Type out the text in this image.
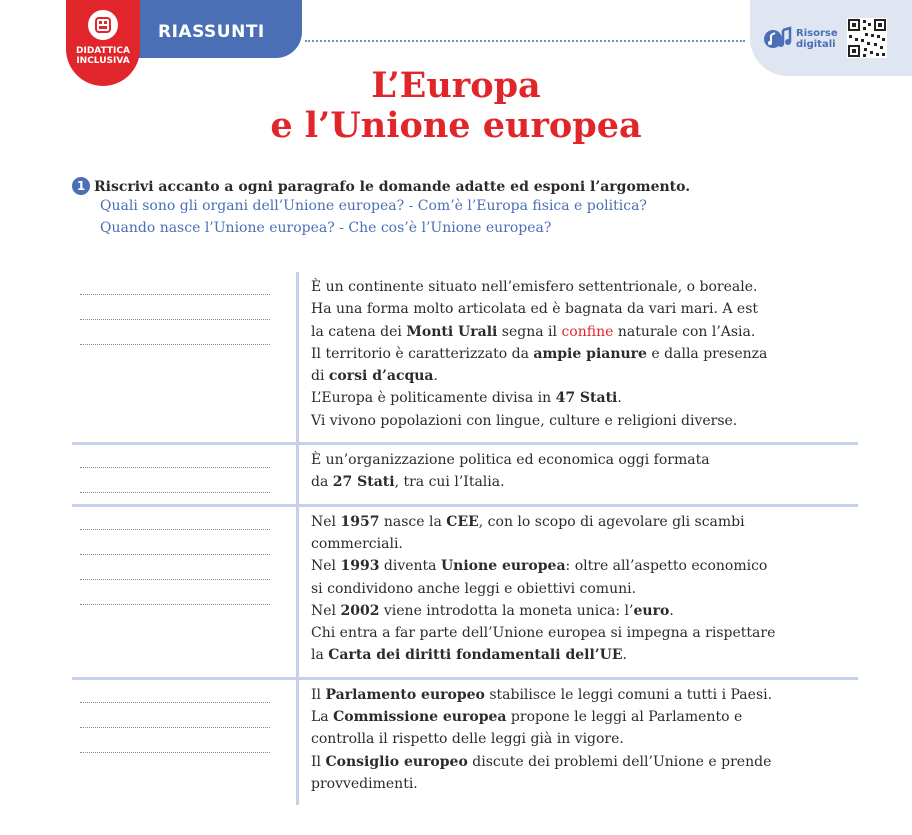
DIDATTICA
INCLUSIVA
RIASSUNTI	Risorse
digitali
L’Europa
e l’Unione europea
1 Riscrivi accanto a ogni paragrafo le domande adatte ed esponi l’argomento.
Quali sono gli organi dell’Unione europea? - Com’è l’Europa fisica e politica?
Quando nasce l’Unione europea? - Che cos’è l’Unione europea?
È un continente situato nell’emisfero settentrionale, o boreale.
Ha una forma molto articolata ed è bagnata da vari mari. A est
la catena dei Monti Urali segna il confine naturale con l’Asia.
Il territorio è caratterizzato da ampie pianure e dalla presenza
di corsi d’acqua.
L’Europa è politicamente divisa in 47 Stati.
Vi vivono popolazioni con lingue, culture e religioni diverse.
È un’organizzazione politica ed economica oggi formata
da 27 Stati, tra cui l’Italia.
Nel 1957 nasce la CEE, con lo scopo di agevolare gli scambi
commerciali.
Nel 1993 diventa Unione europea: oltre all’aspetto economico
si condividono anche leggi e obiettivi comuni.
Nel 2002 viene introdotta la moneta unica: l’euro.
Chi entra a far parte dell’Unione europea si impegna a rispettare
la Carta dei diritti fondamentali dell’UE.
Il Parlamento europeo stabilisce le leggi comuni a tutti i Paesi.
La Commissione europea propone le leggi al Parlamento e
controlla il rispetto delle leggi già in vigore.
Il Consiglio europeo discute dei problemi dell’Unione e prende
provvedimenti.
